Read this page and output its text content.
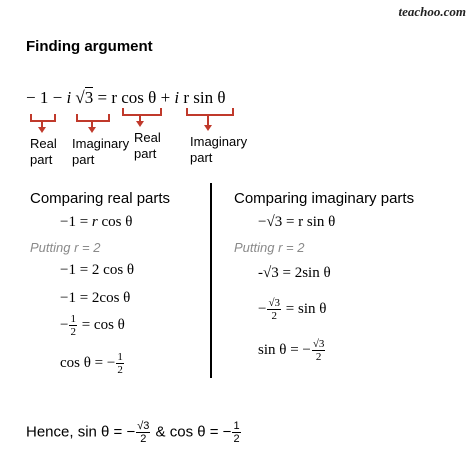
teachoo.com
Finding argument
− 1 − i √3 = r cos θ + i r sin θ
Real part
Imaginary part
Real part
Imaginary part
Comparing real parts
−1 = r cos θ
Putting r = 2
−1 = 2 cos θ
−1 = 2cos θ
− $\frac{1}{2} = \cos \theta$
cos θ = − $\frac{1}{2}$
Comparing imaginary parts
−√3 = r sin θ
Putting r = 2
-√3 = 2sin θ
− $\frac{√3}{2} = \sin \theta$
sin θ = − $\frac{√3}{2}$
Hence, sin θ = − $\frac{√3}{2}$ & cos θ = − $\frac{1}{2}$
